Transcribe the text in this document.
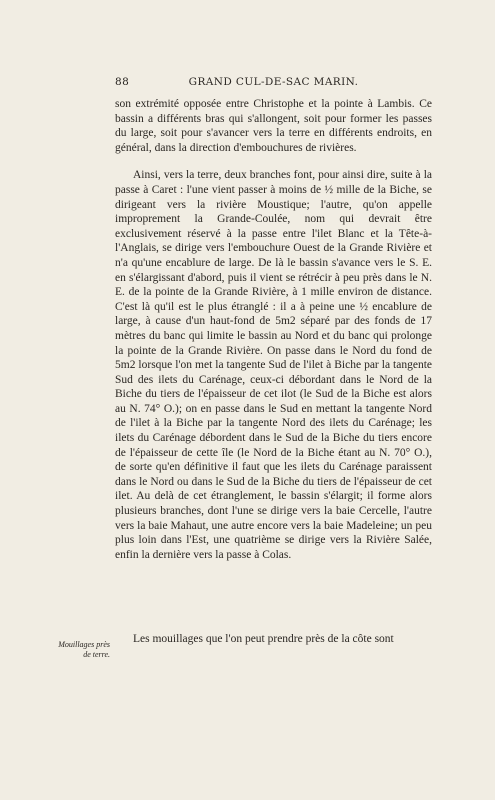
88	GRAND CUL-DE-SAC MARIN.

son extrémité opposée entre Christophe et la pointe à Lambis. Ce bassin a différents bras qui s'allongent, soit pour former les passes du large, soit pour s'avancer vers la terre en différents endroits, en général, dans la direction d'embouchures de rivières.

Ainsi, vers la terre, deux branches font, pour ainsi dire, suite à la passe à Caret : l'une vient passer à moins de ½ mille de la Biche, se dirigeant vers la rivière Moustique; l'autre, qu'on appelle improprement la Grande-Coulée, nom qui devrait être exclusivement réservé à la passe entre l'ilet Blanc et la Tête-à-l'Anglais, se dirige vers l'embouchure Ouest de la Grande Rivière et n'a qu'une encablure de large. De là le bassin s'avance vers le S. E. en s'élargissant d'abord, puis il vient se rétrécir à peu près dans le N. E. de la pointe de la Grande Rivière, à 1 mille environ de distance. C'est là qu'il est le plus étranglé : il a à peine une ½ encablure de large, à cause d'un haut-fond de 5m2 séparé par des fonds de 17 mètres du banc qui limite le bassin au Nord et du banc qui prolonge la pointe de la Grande Rivière. On passe dans le Nord du fond de 5m2 lorsque l'on met la tangente Sud de l'ilet à Biche par la tangente Sud des ilets du Carénage, ceux-ci débordant dans le Nord de la Biche du tiers de l'épaisseur de cet ilot (le Sud de la Biche est alors au N. 74° O.); on en passe dans le Sud en mettant la tangente Nord de l'ilet à la Biche par la tangente Nord des ilets du Carénage; les ilets du Carénage débordent dans le Sud de la Biche du tiers encore de l'épaisseur de cette île (le Nord de la Biche étant au N. 70° O.), de sorte qu'en définitive il faut que les ilets du Carénage paraissent dans le Nord ou dans le Sud de la Biche du tiers de l'épaisseur de cet ilet. Au delà de cet étranglement, le bassin s'élargit; il forme alors plusieurs branches, dont l'une se dirige vers la baie Cercelle, l'autre vers la baie Mahaut, une autre encore vers la baie Madeleine; un peu plus loin dans l'Est, une quatrième se dirige vers la Rivière Salée, enfin la dernière vers la passe à Colas.

Mouillages près de terre.
Les mouillages que l'on peut prendre près de la côte sont
